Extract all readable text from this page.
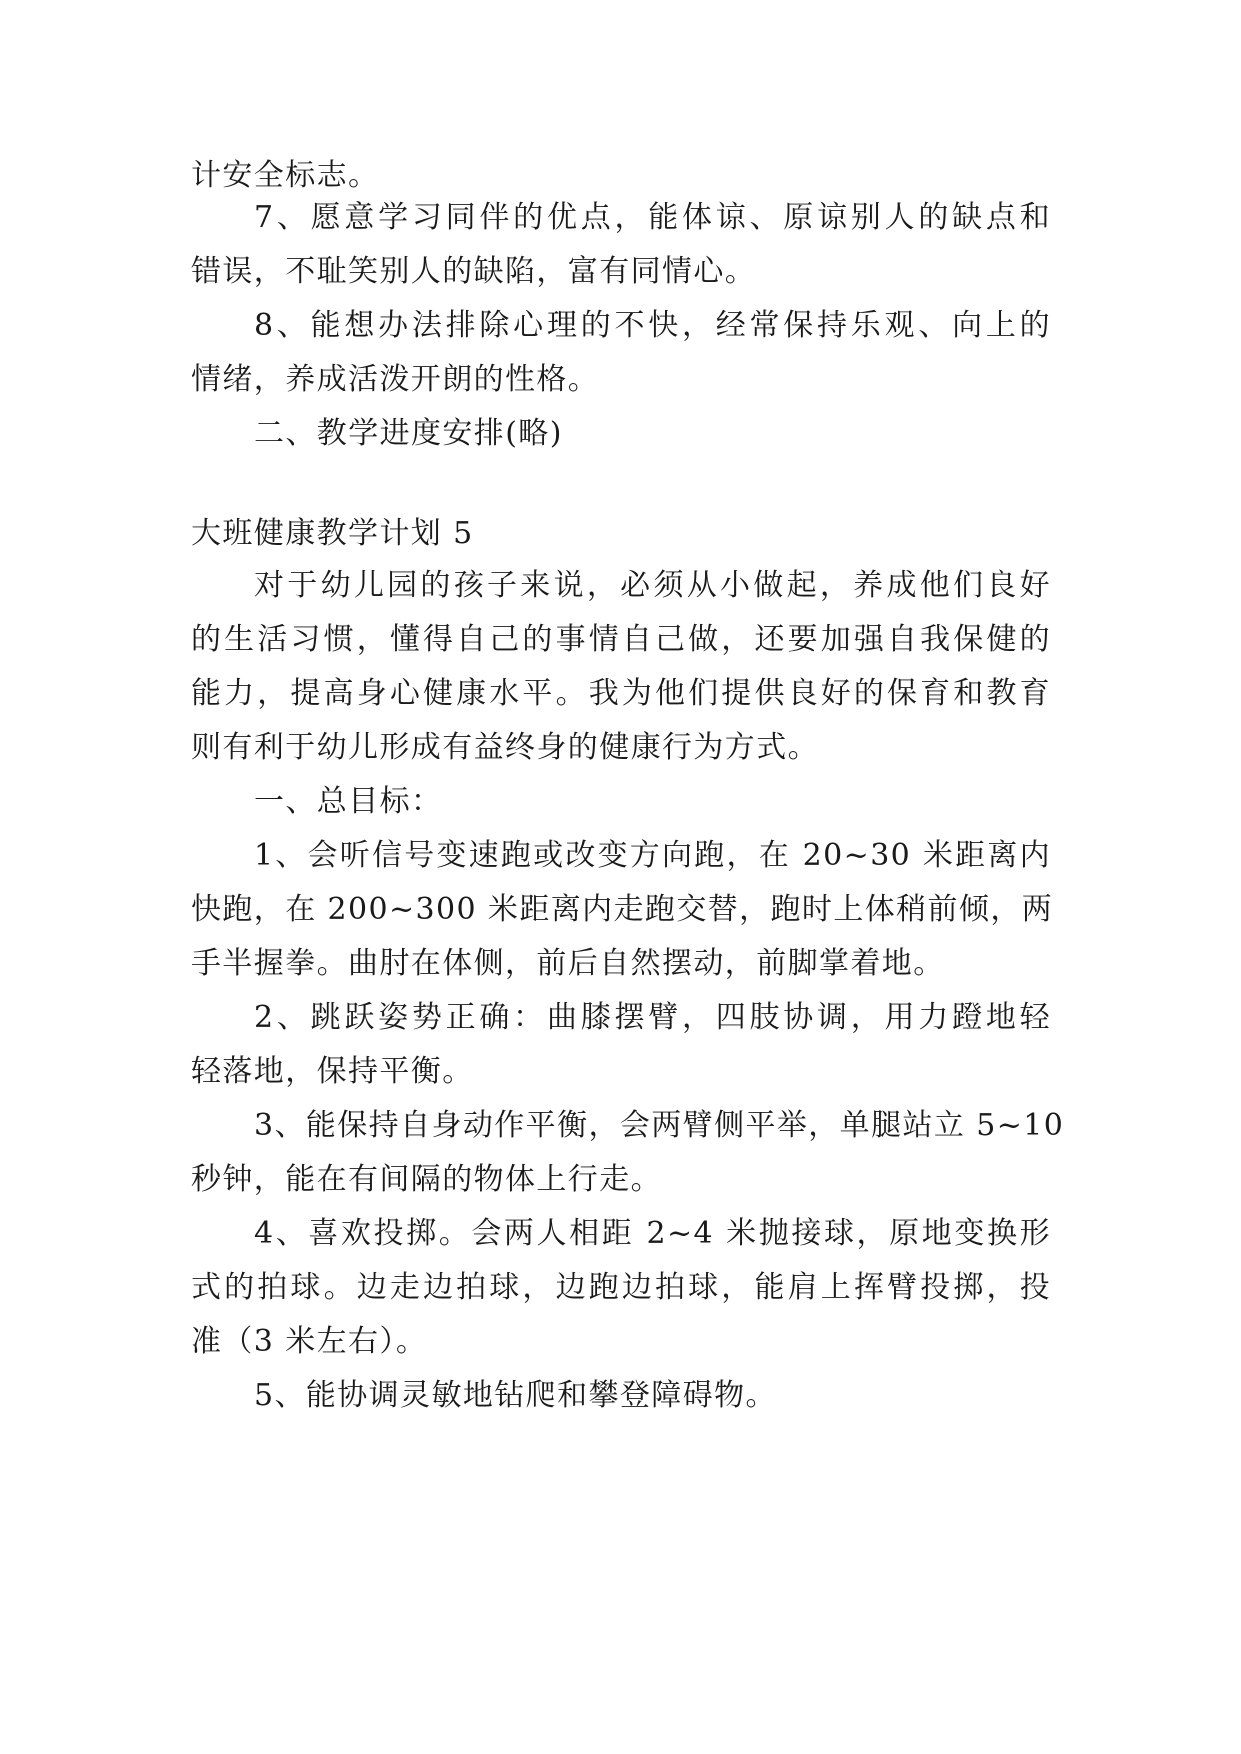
计安全标志。
7、愿意学习同伴的优点，能体谅、原谅别人的缺点和
错误，不耻笑别人的缺陷，富有同情心。
8、能想办法排除心理的不快，经常保持乐观、向上的
情绪，养成活泼开朗的性格。
二、教学进度安排(略)
大班健康教学计划 5
对于幼儿园的孩子来说，必须从小做起，养成他们良好
的生活习惯，懂得自己的事情自己做，还要加强自我保健的
能力，提高身心健康水平。我为他们提供良好的保育和教育
则有利于幼儿形成有益终身的健康行为方式。
一、总目标：
1、会听信号变速跑或改变方向跑，在 20~30 米距离内
快跑，在 200~300 米距离内走跑交替，跑时上体稍前倾，两
手半握拳。曲肘在体侧，前后自然摆动，前脚掌着地。
2、跳跃姿势正确：曲膝摆臂，四肢协调，用力蹬地轻
轻落地，保持平衡。
3、能保持自身动作平衡，会两臂侧平举，单腿站立 5~10
秒钟，能在有间隔的物体上行走。
4、喜欢投掷。会两人相距 2~4 米抛接球，原地变换形
式的拍球。边走边拍球，边跑边拍球，能肩上挥臂投掷，投
准（3 米左右）。
5、能协调灵敏地钻爬和攀登障碍物。
